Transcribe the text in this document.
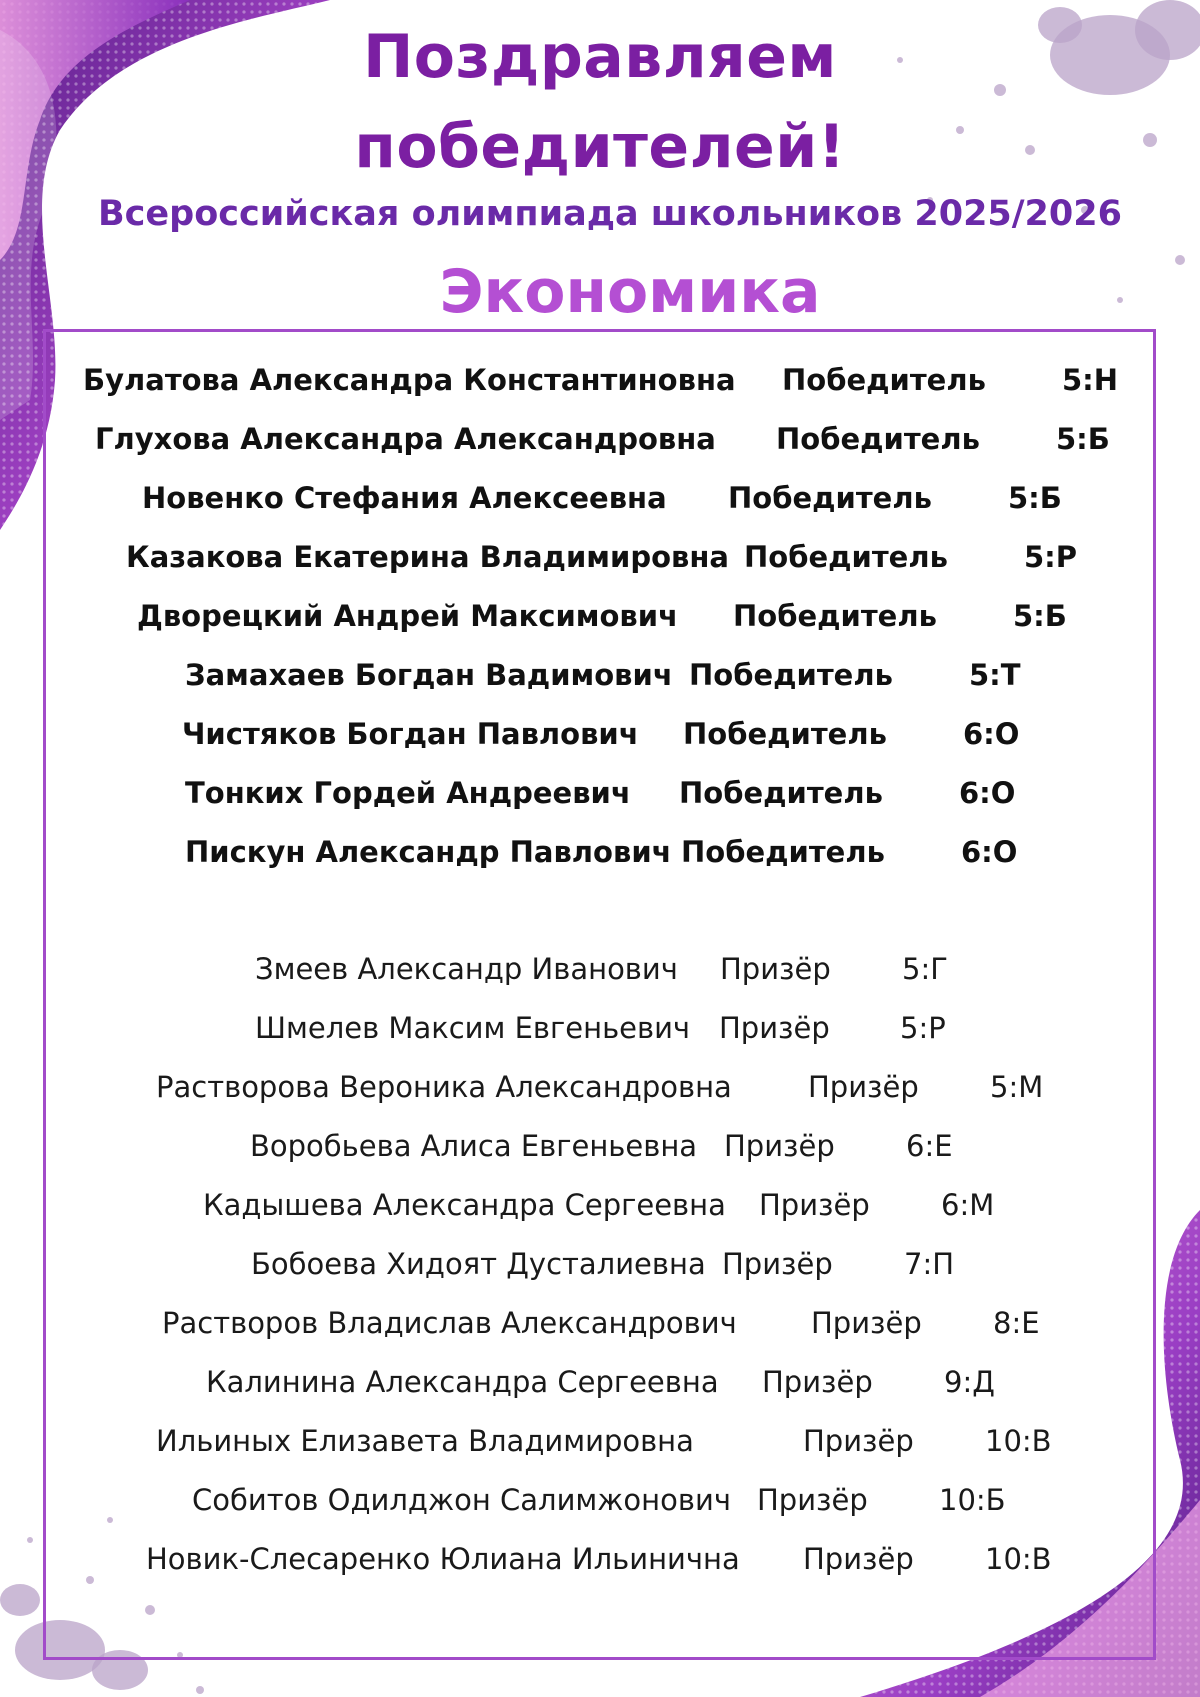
Поздравляем
победителей!
Всероссийская олимпиада школьников 2025/2026
Экономика
Булатова Александра Константиновна Победитель	5:Н
Глухова Александра Александровна Победитель	5:Б
Новенко Стефания Алексеевна Победитель	5:Б
Казакова Екатерина Владимировна Победитель	5:Р
Дворецкий Андрей Максимович Победитель	5:Б
Замахаев Богдан Вадимович Победитель	5:Т
Чистяков Богдан Павлович Победитель	6:О
Тонких Гордей Андреевич Победитель	6:О
Пискун Александр Павлович Победитель	6:О
Змеев Александр Иванович Призёр 5:Г
Шмелев Максим Евгеньевич Призёр 5:Р
Растворова Вероника Александровна	Призёр 5:М
Воробьева Алиса Евгеньевна Призёр 6:Е
Кадышева Александра Сергеевна Призёр 6:М
Бобоева Хидоят Дусталиевна Призёр 7:П
Растворов Владислав Александрович	Призёр 8:Е
Калинина Александра Сергеевна Призёр 9:Д
Ильиных Елизавета Владимировна	Призёр 10:В
Собитов Одилджон Салимжонович Призёр 10:Б
Новик-Слесаренко Юлиана Ильинична Призёр 10:В
